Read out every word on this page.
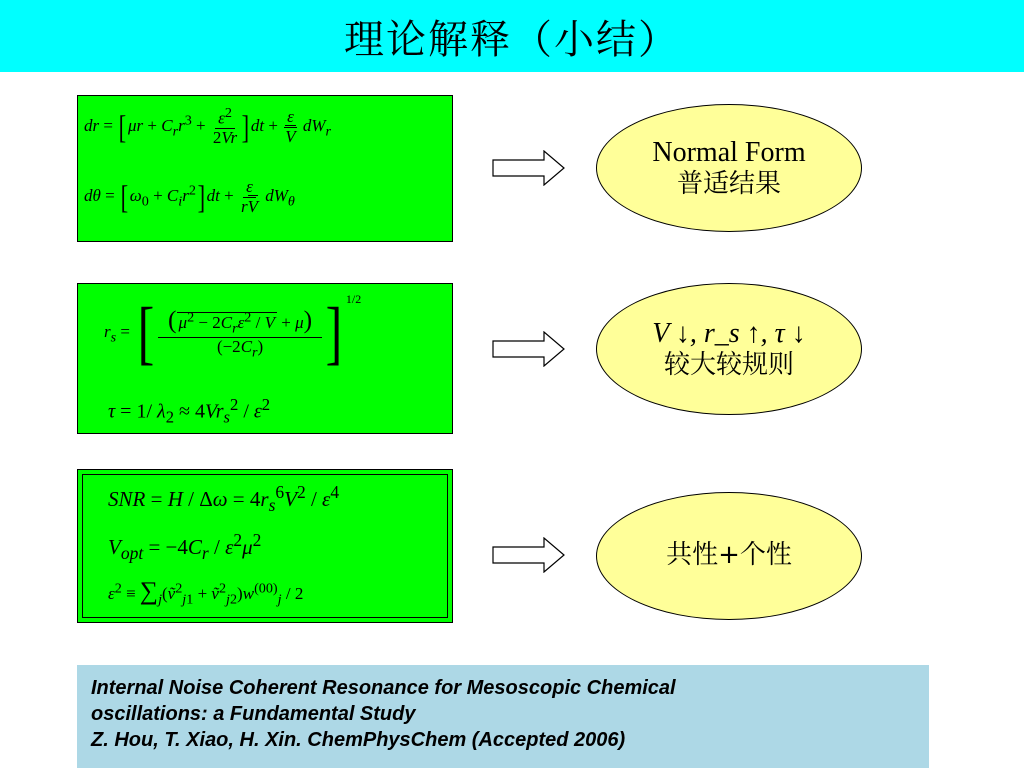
理论解释（小结）
dr = $[\mu r + C_rr^3 + \frac{\varepsilon^2}{2Vr} ]dt + \frac{\varepsilon}{V} dW_r$
$d\theta = [\omega_0 + C_ir^2]dt + \frac{\varepsilon}{rV} dW_\theta$
$r_s$ = [ $\frac{( \mu^2 - 2C_r\varepsilon^2 / V + \mu)}{(-2C_r)}$ ] $^{1/2}$
τ = 1/ $\lambda_2 \approx 4Vr_s^2 / \varepsilon^2$
SNR = $H / \Delta\omega = 4r_s^6V^2 / \varepsilon^4$
$V_{opt} = -4C_r / \varepsilon^2\mu^2$
$\varepsilon^2$ ≡ $\sum_j(ṽ^2_{j1}$ + $ṽ^2_{j2})w^{(00)}_j / 2$
Normal Form
普适结果
V ↓, r_s ↑, τ ↓
较大较规则
共性+个性
Internal Noise Coherent Resonance for Mesoscopic Chemical
oscillations: a Fundamental Study
Z. Hou, T. Xiao, H. Xin. ChemPhysChem (Accepted 2006)
